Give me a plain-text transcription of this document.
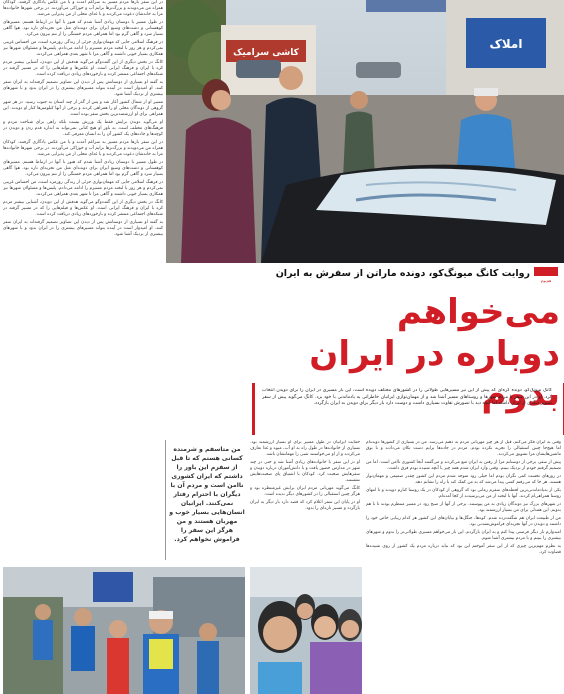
کاشی سرامیک
املاک
روایت کانگ میونگ‌کو، دونده ماراتن از سفرش به ایران
هم‌بوم
می‌خواهم
دوباره در ایران بدوم
کانگ میونگ‌کو، دونده کره‌ای که پیش از این نیز مسیرهایی طولانی را در کشورهای مختلف دویده است، این بار مسیری در ایران را برای دویدن انتخاب کرد. او در این سفر با مردم شهرها و روستاهای مسیر آشنا شد و از مهمان‌نوازی ایرانیان خاطراتی به یادماندنی با خود برد. کانگ می‌گوید پیش از سفر تصویر دیگری از ایران داشته اما آنچه دید با تصورش تفاوت بسیاری داشت و دوست دارد بار دیگر برای دویدن به ایران بازگردد.

در این سفر بارها مردم مسیر به سراغم آمدند و با من عکس یادگاری گرفتند. کودکان همراه من می‌دویدند و بزرگ‌ترها برایم آب و خوراکی می‌آوردند. در برخی شهرها خانواده‌ها مرا به خانه‌شان دعوت می‌کردند و با غذای محلی از من پذیرایی می‌شد.

در طول مسیر با دوستان زیادی آشنا شدم که هنوز با آنها در ارتباط هستم. مسیرهای کوهستانی و دشت‌های وسیع ایران برای دونده‌ای مثل من تجربه‌ای تازه بود. هوا گاهی بسیار سرد و گاهی گرم بود اما همراهی مردم خستگی را از تنم بیرون می‌کرد.

در فرهنگ اسلامی جایی که مهمان‌نوازی جزئی از زندگی روزمره است، من احساس غریبی نمی‌کردم و هر روز با لبخند مردم مسیرم را ادامه می‌دادم. پلیس‌ها و مسئولان شهرها نیز همکاری بسیار خوبی داشتند و گاهی مرا تا شهر بعدی همراهی می‌کردند.

کانگ در بخش دیگری از این گفت‌وگو می‌گوید هدفش از این دویدن، آشنایی بیشتر مردم کره با ایران و فرهنگ ایرانی است. او عکس‌ها و فیلم‌هایی را که در مسیر گرفته در شبکه‌های اجتماعی منتشر کرده و بازخوردهای زیادی دریافت کرده است.

به گفته او بسیاری از دوستانش پس از دیدن این تصاویر تصمیم گرفته‌اند به ایران سفر کنند. او امیدوار است در آینده بتواند مسیرهای بیشتری را در ایران بدود و با شهرهای بیشتری از نزدیک آشنا شود.

مسیر او از شمال کشور آغاز شد و پس از گذر از چند استان به جنوب رسید. در هر شهر گروهی از دوندگان محلی او را همراهی کردند و برخی از آنها کیلومترها کنار او دویدند. این همراهی برای او ارزشمندترین بخش سفر بوده است.

او می‌گوید دویدن برایش فقط یک ورزش نیست بلکه راهی برای شناخت مردم و فرهنگ‌های مختلف است. به باور او هیچ کتابی نمی‌تواند به اندازه قدم زدن و دویدن در کوچه‌ها و جاده‌های یک کشور آن را به انسان معرفی کند.

در این سفر بارها مردم مسیر به سراغم آمدند و با من عکس یادگاری گرفتند. کودکان همراه من می‌دویدند و بزرگ‌ترها برایم آب و خوراکی می‌آوردند. در برخی شهرها خانواده‌ها مرا به خانه‌شان دعوت می‌کردند و با غذای محلی از من پذیرایی می‌شد.

در طول مسیر با دوستان زیادی آشنا شدم که هنوز با آنها در ارتباط هستم. مسیرهای کوهستانی و دشت‌های وسیع ایران برای دونده‌ای مثل من تجربه‌ای تازه بود. هوا گاهی بسیار سرد و گاهی گرم بود اما همراهی مردم خستگی را از تنم بیرون می‌کرد.

در فرهنگ اسلامی جایی که مهمان‌نوازی جزئی از زندگی روزمره است، من احساس غریبی نمی‌کردم و هر روز با لبخند مردم مسیرم را ادامه می‌دادم. پلیس‌ها و مسئولان شهرها نیز همکاری بسیار خوبی داشتند و گاهی مرا تا شهر بعدی همراهی می‌کردند.

کانگ در بخش دیگری از این گفت‌وگو می‌گوید هدفش از این دویدن، آشنایی بیشتر مردم کره با ایران و فرهنگ ایرانی است. او عکس‌ها و فیلم‌هایی را که در مسیر گرفته در شبکه‌های اجتماعی منتشر کرده و بازخوردهای زیادی دریافت کرده است.

به گفته او بسیاری از دوستانش پس از دیدن این تصاویر تصمیم گرفته‌اند به ایران سفر کنند. او امیدوار است در آینده بتواند مسیرهای بیشتری را در ایران بدود و با شهرهای بیشتری از نزدیک آشنا شود.

من متاسفم و شرمنده کسانی هستم که تا قبل از سفرم این باور را داشتم که ایران کشوری ناامن است و مردم آن با دیگران با احترام رفتار نمی‌کنند. ایرانیان انسان‌هایی بسیار خوب و مهربان هستند و من هرگز این سفر را فراموش نخواهم کرد.

حمایت ایرانیان در طول مسیر برای او بسیار ارزشمند بود. بسیاری از خانواده‌ها در طول راه به او آب، میوه و غذا تعارف می‌کردند و از او می‌خواستند شبی را مهمانشان باشد.

او در این سفر با خانواده‌های زیادی آشنا شد و حتی در چند شهر در مدارس حضور یافت و با دانش‌آموزان درباره دویدن و سفرهایش صحبت کرد. کودکان با اشتیاق پای صحبت‌هایش نشستند.

کانگ می‌گوید مهربانی مردم ایران برایش غیرمنتظره بود و هرگز چنین استقبالی را در کشورهای دیگر ندیده است.

او در پایان این سفر اعلام کرد که قصد دارد بار دیگر به ایران بازگردد و مسیر تازه‌ای را بدود.

وقتی به ایران فکر می‌کنم، قبل از هر چیز مهربانی مردم به ذهنم می‌رسد. من در بسیاری از کشورها دویده‌ام اما هیچ‌جا چنین استقبالی را تجربه نکرده بودم. مردم در جاده‌ها برایم دست تکان می‌دادند و با بوق ماشین‌هایشان مرا تشویق می‌کردند.

پیش از سفر، برخی از دوستانم مرا از رفتن به ایران منع می‌کردند و می‌گفتند آنجا کشوری ناامن است. اما من تصمیم گرفتم خودم از نزدیک ببینم. وقتی وارد ایران شدم همه چیز با آنچه شنیده بودم فرق داشت.

در روزهای نخست کمی نگران بودم اما خیلی زود متوجه شدم مردم این کشور چقدر صمیمی و مهمان‌نواز هستند. هر جا که می‌رفتم کسی پیدا می‌شد که به من کمک کند یا راه را نشانم دهد.

یکی از به‌یادماندنی‌ترین لحظه‌های سفرم زمانی بود که گروهی از کودکان در یک روستا کنارم دویدند و تا انتهای روستا همراهی‌ام کردند. آنها با لبخند از من می‌پرسیدند از کجا آمده‌ام.

در شهرهای بزرگ نیز دوندگان زیادی به من پیوستند. برخی از آنها از صبح زود در مسیر منتظرم بودند تا با هم بدویم. این همدلی برای من بسیار ارزشمند بود.

من از طبیعت ایران هم شگفت‌زده شدم. کوه‌ها، جنگل‌ها و بیابان‌های این کشور هر کدام زیبایی خاص خود را داشتند و دویدن در آنها تجربه‌ای فراموش‌نشدنی بود.

امیدوارم بار دیگر فرصتی پیدا کنم و به ایران بازگردم. این بار می‌خواهم مسیری طولانی‌تر را بدوم و شهرهای بیشتری را ببینم و با مردم بیشتری آشنا شوم.

به نظرم مهم‌ترین چیزی که از این سفر آموختم این بود که نباید درباره مردم یک کشور از روی شنیده‌ها قضاوت کرد.
